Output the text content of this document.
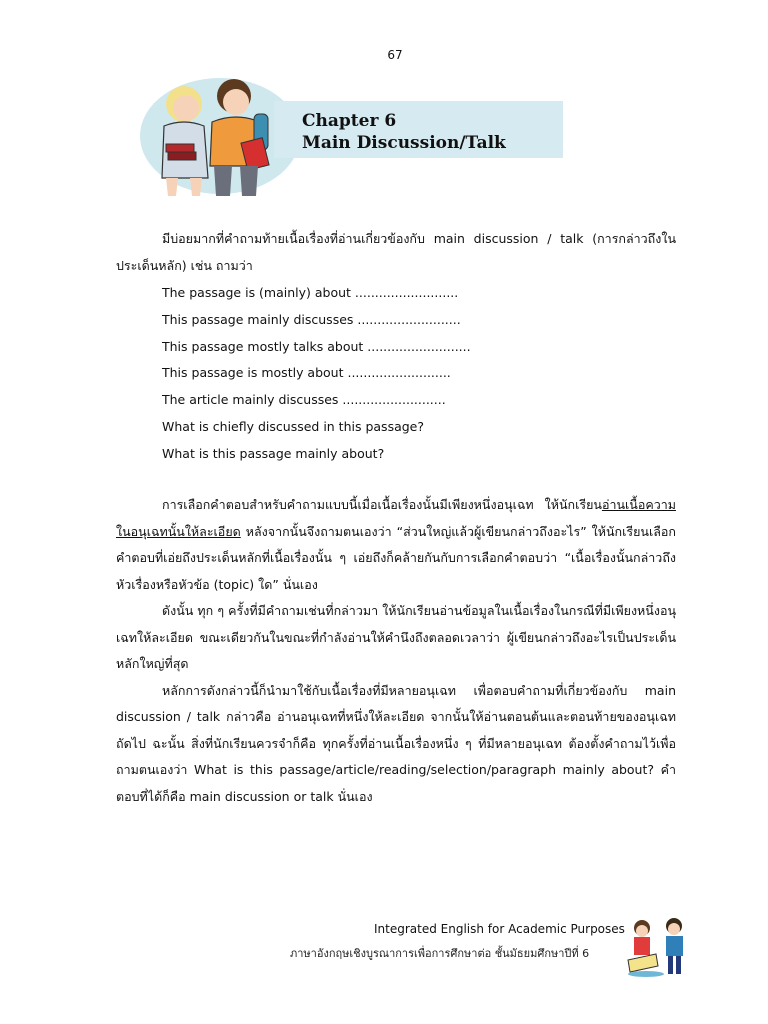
67
Chapter 6
Main Discussion/Talk

มีบ่อยมากที่คำถามท้ายเนื้อเรื่องที่อ่านเกี่ยวข้องกับ main discussion / talk (การกล่าวถึงในประเด็นหลัก) เช่น ถามว่า

The passage is (mainly) about ..........................
This passage mainly discusses ..........................
This passage mostly talks about ..........................
This passage is mostly about ..........................
The article mainly discusses ..........................
What is chiefly discussed in this passage?
What is this passage mainly about?

การเลือกคำตอบสำหรับคำถามแบบนี้เมื่อเนื้อเรื่องนั้นมีเพียงหนึ่งอนุเฉท ให้นักเรียนอ่านเนื้อความในอนุเฉทนั้นให้ละเอียด หลังจากนั้นจึงถามตนเองว่า “ส่วนใหญ่แล้วผู้เขียนกล่าวถึงอะไร” ให้นักเรียนเลือกคำตอบที่เอ่ยถึงประเด็นหลักที่เนื้อเรื่องนั้น ๆ เอ่ยถึงก็คล้ายกันกับการเลือกคำตอบว่า “เนื้อเรื่องนั้นกล่าวถึงหัวเรื่องหรือหัวข้อ (topic) ใด” นั่นเอง

ดังนั้น ทุก ๆ ครั้งที่มีคำถามเช่นที่กล่าวมา ให้นักเรียนอ่านข้อมูลในเนื้อเรื่องในกรณีที่มีเพียงหนึ่งอนุเฉทให้ละเอียด ขณะเดียวกันในขณะที่กำลังอ่านให้คำนึงถึงตลอดเวลาว่า ผู้เขียนกล่าวถึงอะไรเป็นประเด็นหลักใหญ่ที่สุด

หลักการดังกล่าวนี้ก็นำมาใช้กับเนื้อเรื่องที่มีหลายอนุเฉท เพื่อตอบคำถามที่เกี่ยวข้องกับ main discussion / talk กล่าวคือ อ่านอนุเฉทที่หนึ่งให้ละเอียด จากนั้นให้อ่านตอนต้นและตอนท้ายของอนุเฉทถัดไป ฉะนั้น สิ่งที่นักเรียนควรจำก็คือ ทุกครั้งที่อ่านเนื้อเรื่องหนึ่ง ๆ ที่มีหลายอนุเฉท ต้องตั้งคำถามไว้เพื่อถามตนเองว่า What is this passage/article/reading/selection/paragraph mainly about? คำตอบที่ได้ก็คือ main discussion or talk นั่นเอง

Integrated English for Academic Purposes
ภาษาอังกฤษเชิงบูรณาการเพื่อการศึกษาต่อ ชั้นมัธยมศึกษาปีที่ 6
